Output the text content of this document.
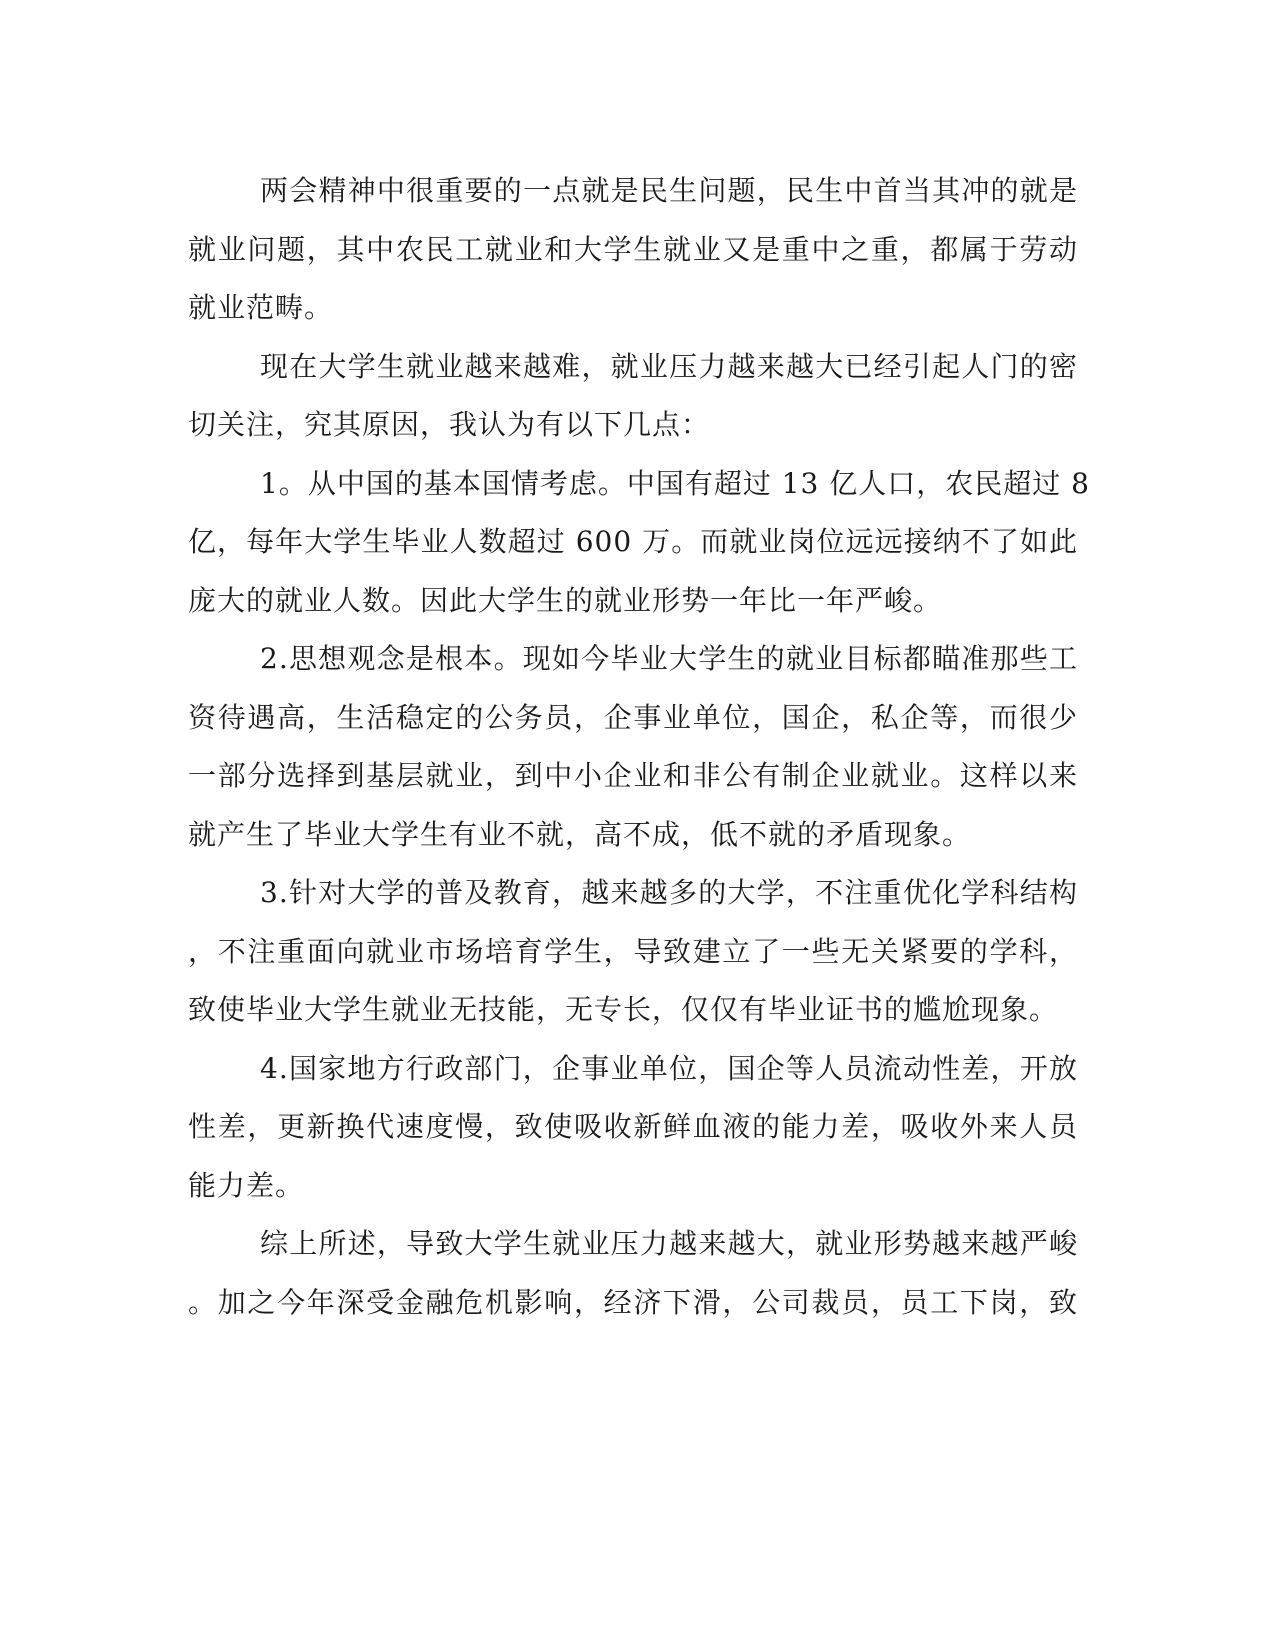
两会精神中很重要的一点就是民生问题，民生中首当其冲的就是
就业问题，其中农民工就业和大学生就业又是重中之重，都属于劳动
就业范畴。
现在大学生就业越来越难，就业压力越来越大已经引起人门的密
切关注，究其原因，我认为有以下几点：
1。从中国的基本国情考虑。中国有超过 13 亿人口，农民超过 8
亿，每年大学生毕业人数超过 600 万。而就业岗位远远接纳不了如此
庞大的就业人数。因此大学生的就业形势一年比一年严峻。
2.思想观念是根本。现如今毕业大学生的就业目标都瞄准那些工
资待遇高，生活稳定的公务员，企事业单位，国企，私企等，而很少
一部分选择到基层就业，到中小企业和非公有制企业就业。这样以来
就产生了毕业大学生有业不就，高不成，低不就的矛盾现象。
3.针对大学的普及教育，越来越多的大学，不注重优化学科结构
，不注重面向就业市场培育学生，导致建立了一些无关紧要的学科，
致使毕业大学生就业无技能，无专长，仅仅有毕业证书的尴尬现象。
4.国家地方行政部门，企事业单位，国企等人员流动性差，开放
性差，更新换代速度慢，致使吸收新鲜血液的能力差，吸收外来人员
能力差。
综上所述，导致大学生就业压力越来越大，就业形势越来越严峻
。加之今年深受金融危机影响，经济下滑，公司裁员，员工下岗，致
